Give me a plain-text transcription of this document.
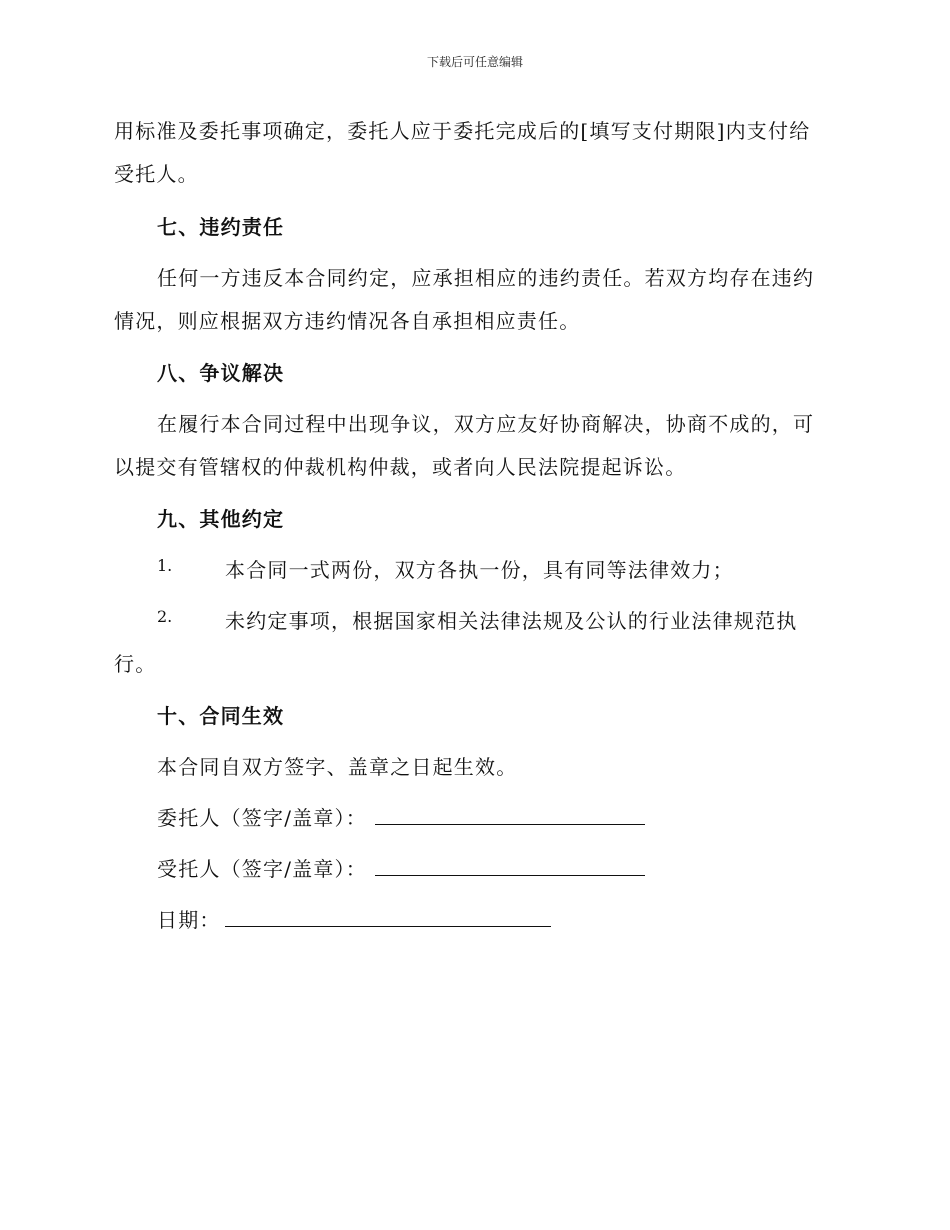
下载后可任意编辑
用标准及委托事项确定，委托人应于委托完成后的[填写支付期限]内支付给
受托人。
七、违约责任
任何一方违反本合同约定，应承担相应的违约责任。若双方均存在违约
情况，则应根据双方违约情况各自承担相应责任。
八、争议解决
在履行本合同过程中出现争议，双方应友好协商解决，协商不成的，可
以提交有管辖权的仲裁机构仲裁，或者向人民法院提起诉讼。
九、其他约定
1.	本合同一式两份，双方各执一份，具有同等法律效力；
2.	未约定事项，根据国家相关法律法规及公认的行业法律规范执
行。
十、合同生效
本合同自双方签字、盖章之日起生效。
委托人（签字/盖章）：
受托人（签字/盖章）：
日期：
